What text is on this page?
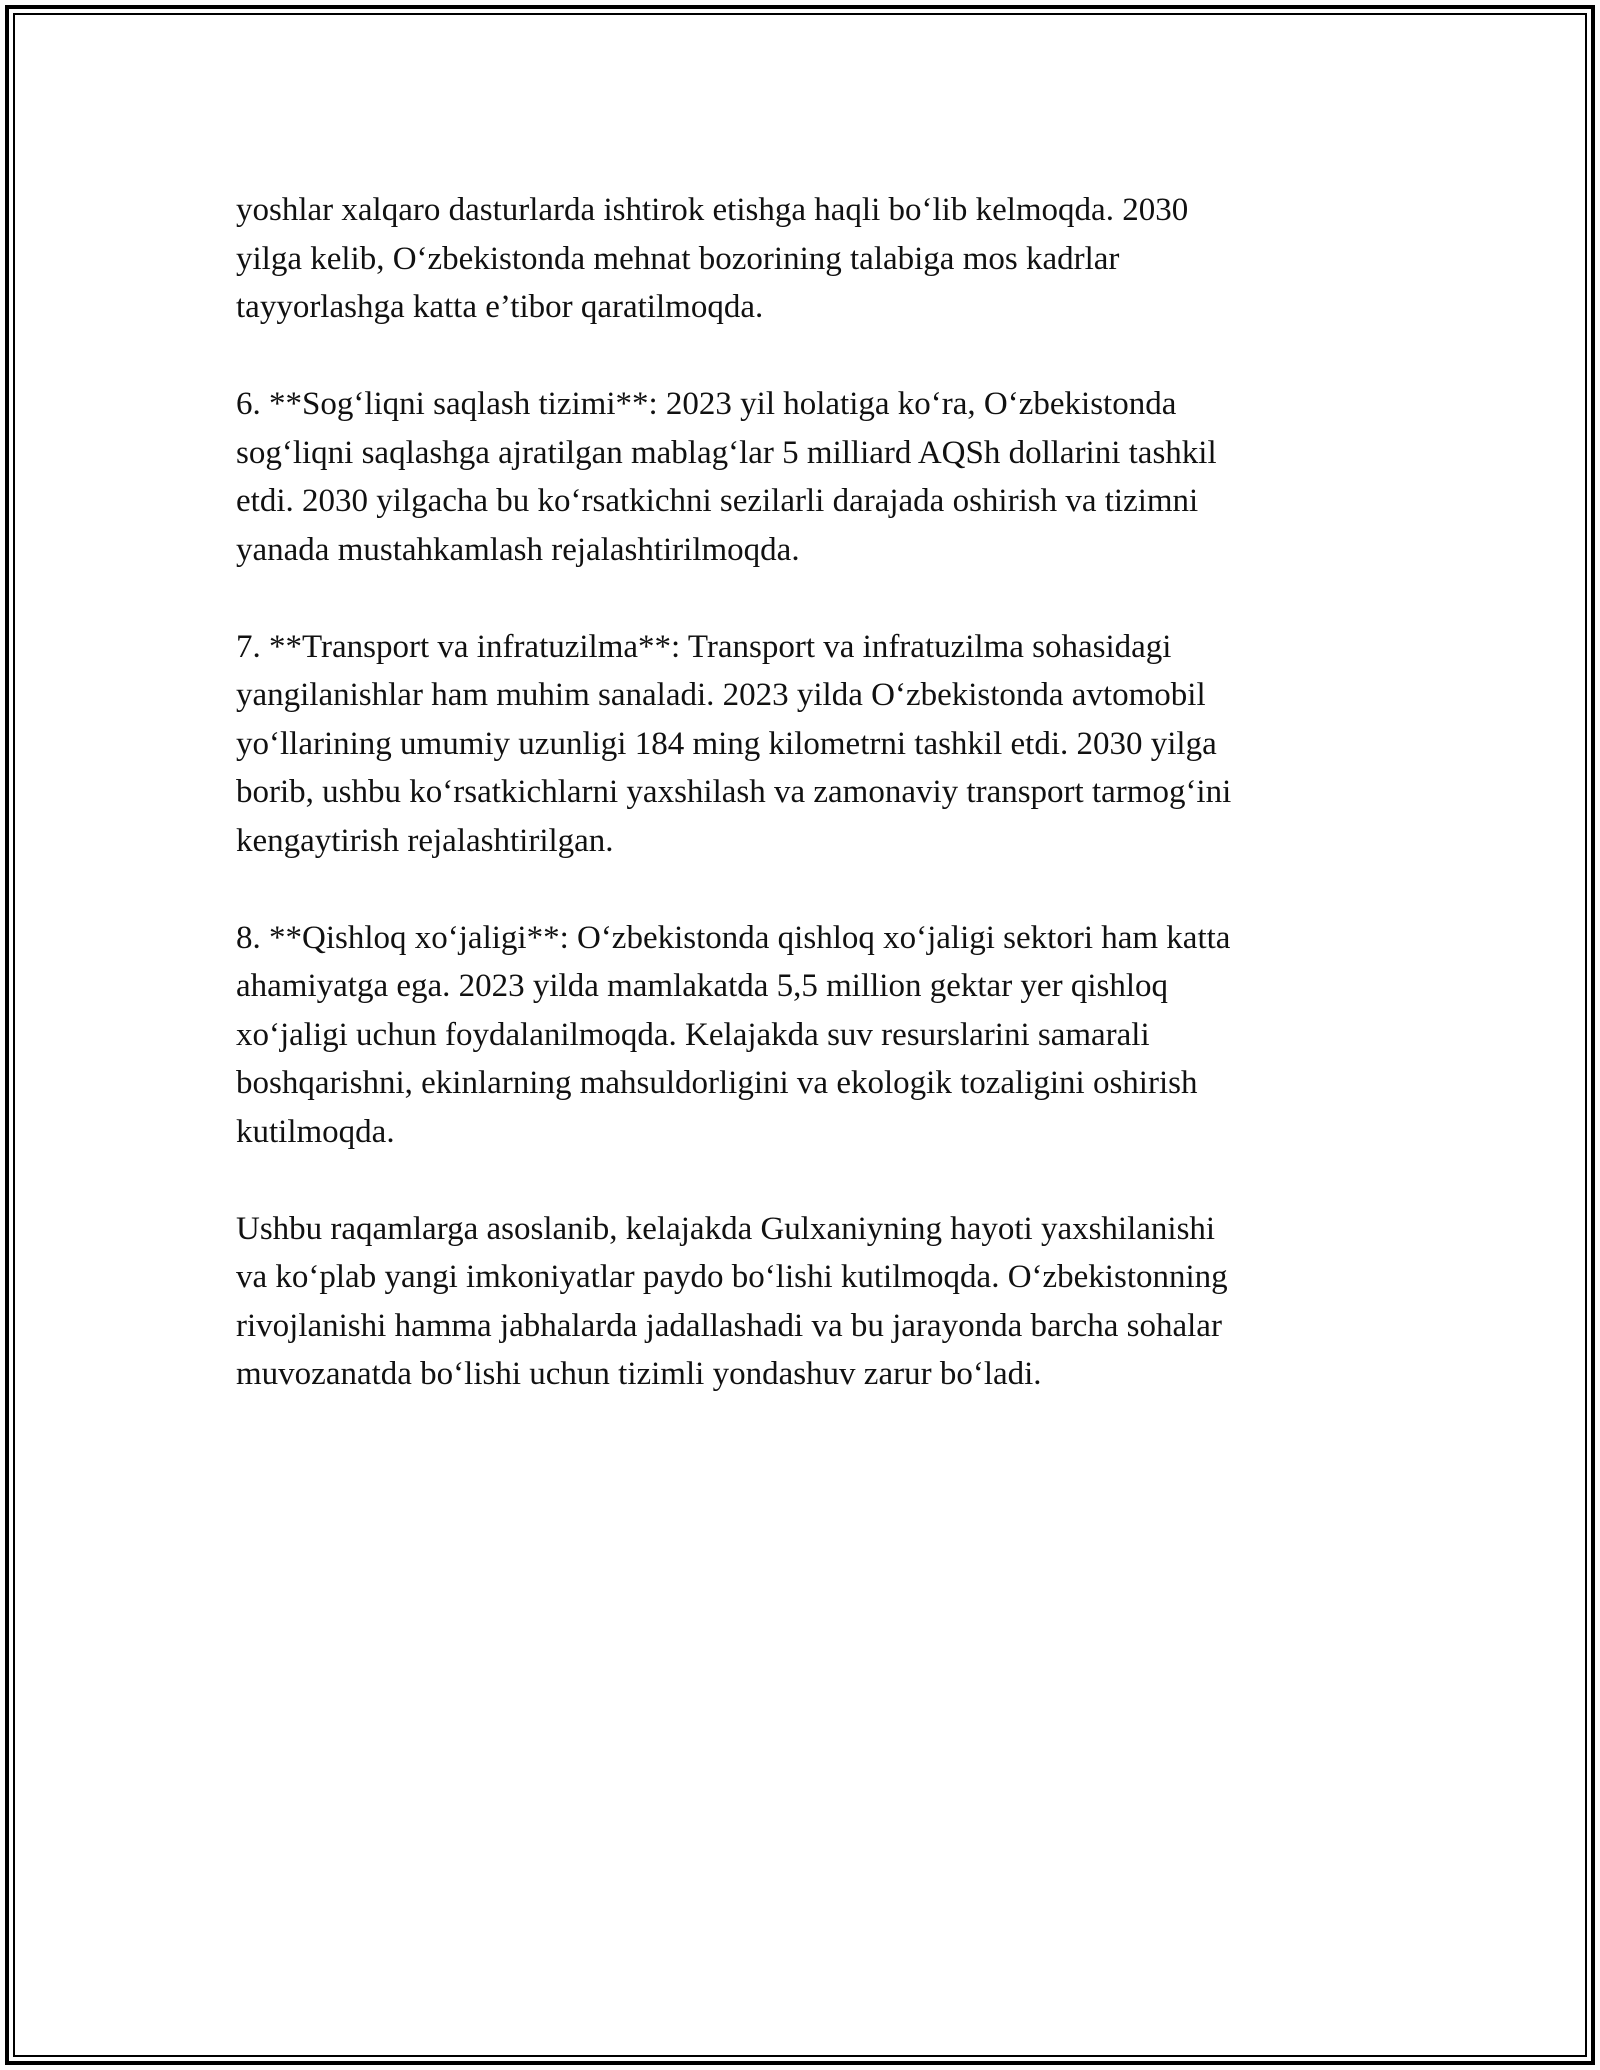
yoshlar xalqaro dasturlarda ishtirok etishga haqli bo‘lib kelmoqda. 2030
yilga kelib, O‘zbekistonda mehnat bozorining talabiga mos kadrlar
tayyorlashga katta e’tibor qaratilmoqda.
6. **Sog‘liqni saqlash tizimi**: 2023 yil holatiga ko‘ra, O‘zbekistonda
sog‘liqni saqlashga ajratilgan mablag‘lar 5 milliard AQSh dollarini tashkil
etdi. 2030 yilgacha bu ko‘rsatkichni sezilarli darajada oshirish va tizimni
yanada mustahkamlash rejalashtirilmoqda.
7. **Transport va infratuzilma**: Transport va infratuzilma sohasidagi
yangilanishlar ham muhim sanaladi. 2023 yilda O‘zbekistonda avtomobil
yo‘llarining umumiy uzunligi 184 ming kilometrni tashkil etdi. 2030 yilga
borib, ushbu ko‘rsatkichlarni yaxshilash va zamonaviy transport tarmog‘ini
kengaytirish rejalashtirilgan.
8. **Qishloq xo‘jaligi**: O‘zbekistonda qishloq xo‘jaligi sektori ham katta
ahamiyatga ega. 2023 yilda mamlakatda 5,5 million gektar yer qishloq
xo‘jaligi uchun foydalanilmoqda. Kelajakda suv resurslarini samarali
boshqarishni, ekinlarning mahsuldorligini va ekologik tozaligini oshirish
kutilmoqda.
Ushbu raqamlarga asoslanib, kelajakda Gulxaniyning hayoti yaxshilanishi
va ko‘plab yangi imkoniyatlar paydo bo‘lishi kutilmoqda. O‘zbekistonning
rivojlanishi hamma jabhalarda jadallashadi va bu jarayonda barcha sohalar
muvozanatda bo‘lishi uchun tizimli yondashuv zarur bo‘ladi.
